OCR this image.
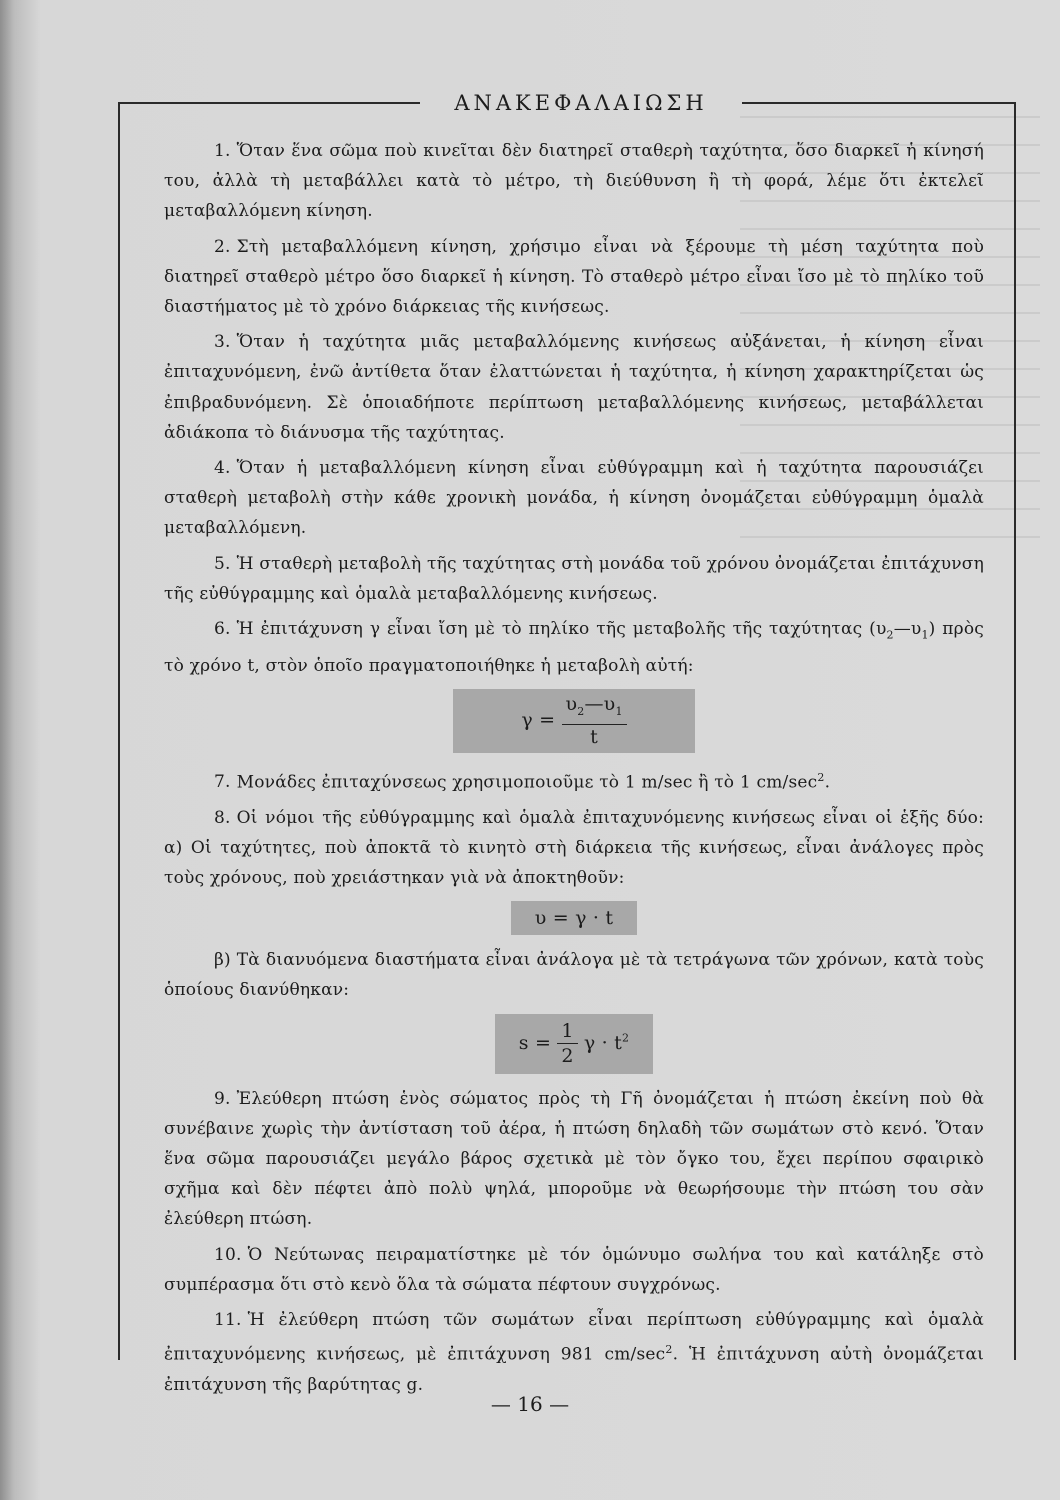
ΑΝΑΚΕΦΑΛΑΙΩΣΗ

1. Ὅταν ἕνα σῶμα ποὺ κινεῖται δὲν διατηρεῖ σταθερὴ ταχύτητα, ὅσο διαρκεῖ ἡ κίνησή του, ἀλλὰ τὴ μεταβάλλει κατὰ τὸ μέτρο, τὴ διεύθυνση ἢ τὴ φορά, λέμε ὅτι ἐκτελεῖ μεταβαλλόμενη κίνηση.

2. Στὴ μεταβαλλόμενη κίνηση, χρήσιμο εἶναι νὰ ξέρουμε τὴ μέση ταχύτητα ποὺ διατηρεῖ σταθερὸ μέτρο ὅσο διαρκεῖ ἡ κίνηση. Τὸ σταθερὸ μέτρο εἶναι ἴσο μὲ τὸ πηλίκο τοῦ διαστήματος μὲ τὸ χρόνο διάρκειας τῆς κινήσεως.

3. Ὅταν ἡ ταχύτητα μιᾶς μεταβαλλόμενης κινήσεως αὐξάνεται, ἡ κίνηση εἶναι ἐπιταχυνόμενη, ἐνῶ ἀντίθετα ὅταν ἐλαττώνεται ἡ ταχύτητα, ἡ κίνηση χαρακτηρίζεται ὡς ἐπιβραδυνόμενη. Σὲ ὁποιαδήποτε περίπτωση μεταβαλλόμενης κινήσεως, μεταβάλλεται ἀδιάκοπα τὸ διάνυσμα τῆς ταχύτητας.

4. Ὅταν ἡ μεταβαλλόμενη κίνηση εἶναι εὐθύγραμμη καὶ ἡ ταχύτητα παρουσιάζει σταθερὴ μεταβολὴ στὴν κάθε χρονικὴ μονάδα, ἡ κίνηση ὀνομάζεται εὐθύγραμμη ὁμαλὰ μεταβαλλόμενη.

5. Ἡ σταθερὴ μεταβολὴ τῆς ταχύτητας στὴ μονάδα τοῦ χρόνου ὀνομάζεται ἐπιτάχυνση τῆς εὐθύγραμμης καὶ ὁμαλὰ μεταβαλλόμενης κινήσεως.

6. Ἡ ἐπιτάχυνση γ εἶναι ἴση μὲ τὸ πηλίκο τῆς μεταβολῆς τῆς ταχύτητας $(\upsilon_2—\upsilon_1)$ πρὸς τὸ χρόνο t, στὸν ὁποῖο πραγματοποιήθηκε ἡ μεταβολὴ αὐτή:

$\gamma = \frac{\upsilon_2—\upsilon_1}{t}$

7. Μονάδες ἐπιταχύνσεως χρησιμοποιοῦμε τὸ 1 m/sec ἢ τὸ 1 $cm/\sec^2$.

8. Οἱ νόμοι τῆς εὐθύγραμμης καὶ ὁμαλὰ ἐπιταχυνόμενης κινήσεως εἶναι οἱ ἑξῆς δύο: α) Οἱ ταχύτητες, ποὺ ἀποκτᾶ τὸ κινητὸ στὴ διάρκεια τῆς κινήσεως, εἶναι ἀνάλογες πρὸς τοὺς χρόνους, ποὺ χρειάστηκαν γιὰ νὰ ἀποκτηθοῦν:

υ = γ · t

β) Τὰ διανυόμενα διαστήματα εἶναι ἀνάλογα μὲ τὰ τετράγωνα τῶν χρόνων, κατὰ τοὺς ὁποίους διανύθηκαν:

$s = \frac{1}{2}$ $\gamma \cdot t^2$

9. Ἐλεύθερη πτώση ἑνὸς σώματος πρὸς τὴ Γῆ ὀνομάζεται ἡ πτώση ἐκείνη ποὺ θὰ συνέβαινε χωρὶς τὴν ἀντίσταση τοῦ ἀέρα, ἡ πτώση δηλαδὴ τῶν σωμάτων στὸ κενό. Ὅταν ἕνα σῶμα παρουσιάζει μεγάλο βάρος σχετικὰ μὲ τὸν ὄγκο του, ἔχει περίπου σφαιρικὸ σχῆμα καὶ δὲν πέφτει ἀπὸ πολὺ ψηλά, μποροῦμε νὰ θεωρήσουμε τὴν πτώση του σὰν ἐλεύθερη πτώση.

10. Ὁ Νεύτωνας πειραματίστηκε μὲ τόν ὁμώνυμο σωλήνα του καὶ κατάληξε στὸ συμπέρασμα ὅτι στὸ κενὸ ὅλα τὰ σώματα πέφτουν συγχρόνως.

11. Ἡ ἐλεύθερη πτώση τῶν σωμάτων εἶναι περίπτωση εὐθύγραμμης καὶ ὁμαλὰ ἐπιταχυνόμενης κινήσεως, μὲ ἐπιτάχυνση 981 $cm/\sec^2$. Ἡ ἐπιτάχυνση αὐτὴ ὀνομάζεται ἐπιτάχυνση τῆς βαρύτητας g.

— 16 —
